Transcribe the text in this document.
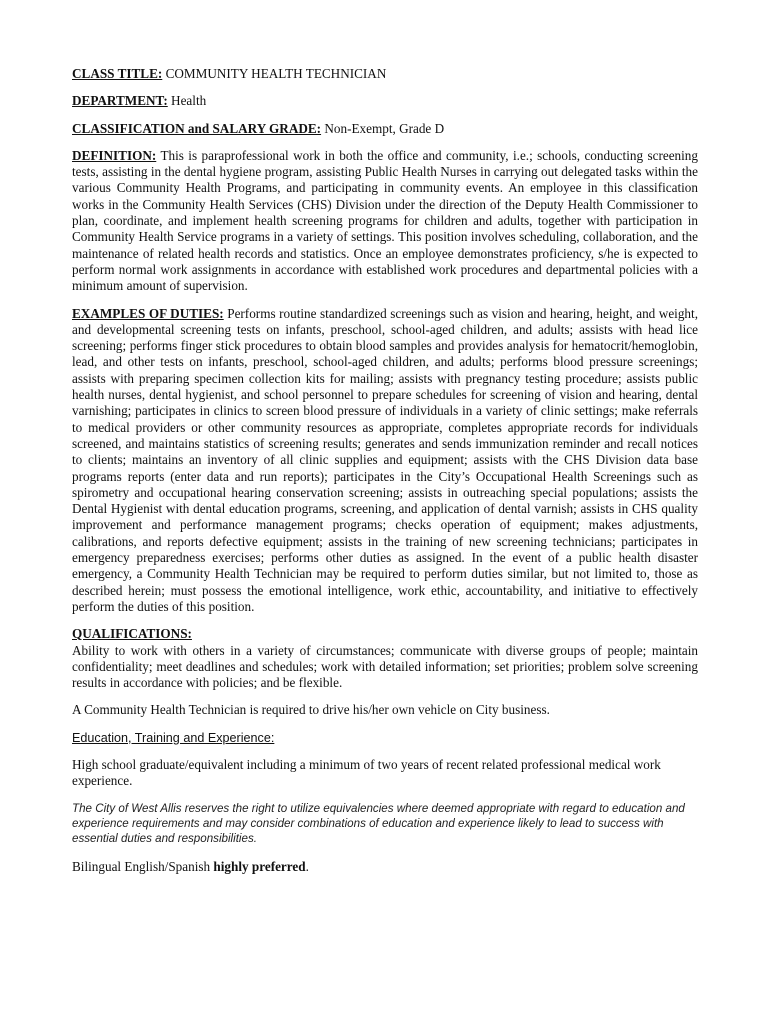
CLASS TITLE: COMMUNITY HEALTH TECHNICIAN

DEPARTMENT: Health

CLASSIFICATION and SALARY GRADE: Non-Exempt, Grade D

DEFINITION: This is paraprofessional work in both the office and community, i.e.; schools, conducting screening tests, assisting in the dental hygiene program, assisting Public Health Nurses in carrying out delegated tasks within the various Community Health Programs, and participating in community events. An employee in this classification works in the Community Health Services (CHS) Division under the direction of the Deputy Health Commissioner to plan, coordinate, and implement health screening programs for children and adults, together with participation in Community Health Service programs in a variety of settings. This position involves scheduling, collaboration, and the maintenance of related health records and statistics. Once an employee demonstrates proficiency, s/he is expected to perform normal work assignments in accordance with established work procedures and departmental policies with a minimum amount of supervision.

EXAMPLES OF DUTIES: Performs routine standardized screenings such as vision and hearing, height, and weight, and developmental screening tests on infants, preschool, school-aged children, and adults; assists with head lice screening; performs finger stick procedures to obtain blood samples and provides analysis for hematocrit/hemoglobin, lead, and other tests on infants, preschool, school-aged children, and adults; performs blood pressure screenings; assists with preparing specimen collection kits for mailing; assists with pregnancy testing procedure; assists public health nurses, dental hygienist, and school personnel to prepare schedules for screening of vision and hearing, dental varnishing; participates in clinics to screen blood pressure of individuals in a variety of clinic settings; make referrals to medical providers or other community resources as appropriate, completes appropriate records for individuals screened, and maintains statistics of screening results; generates and sends immunization reminder and recall notices to clients; maintains an inventory of all clinic supplies and equipment; assists with the CHS Division data base programs reports (enter data and run reports); participates in the City’s Occupational Health Screenings such as spirometry and occupational hearing conservation screening; assists in outreaching special populations; assists the Dental Hygienist with dental education programs, screening, and application of dental varnish; assists in CHS quality improvement and performance management programs; checks operation of equipment; makes adjustments, calibrations, and reports defective equipment; assists in the training of new screening technicians; participates in emergency preparedness exercises; performs other duties as assigned. In the event of a public health disaster emergency, a Community Health Technician may be required to perform duties similar, but not limited to, those as described herein; must possess the emotional intelligence, work ethic, accountability, and initiative to effectively perform the duties of this position.

QUALIFICATIONS:

Ability to work with others in a variety of circumstances; communicate with diverse groups of people; maintain confidentiality; meet deadlines and schedules; work with detailed information; set priorities; problem solve screening results in accordance with policies; and be flexible.

A Community Health Technician is required to drive his/her own vehicle on City business.

Education, Training and Experience:

High school graduate/equivalent including a minimum of two years of recent related professional medical work experience.

The City of West Allis reserves the right to utilize equivalencies where deemed appropriate with regard to education and experience requirements and may consider combinations of education and experience likely to lead to success with essential duties and responsibilities.

Bilingual English/Spanish highly preferred.
